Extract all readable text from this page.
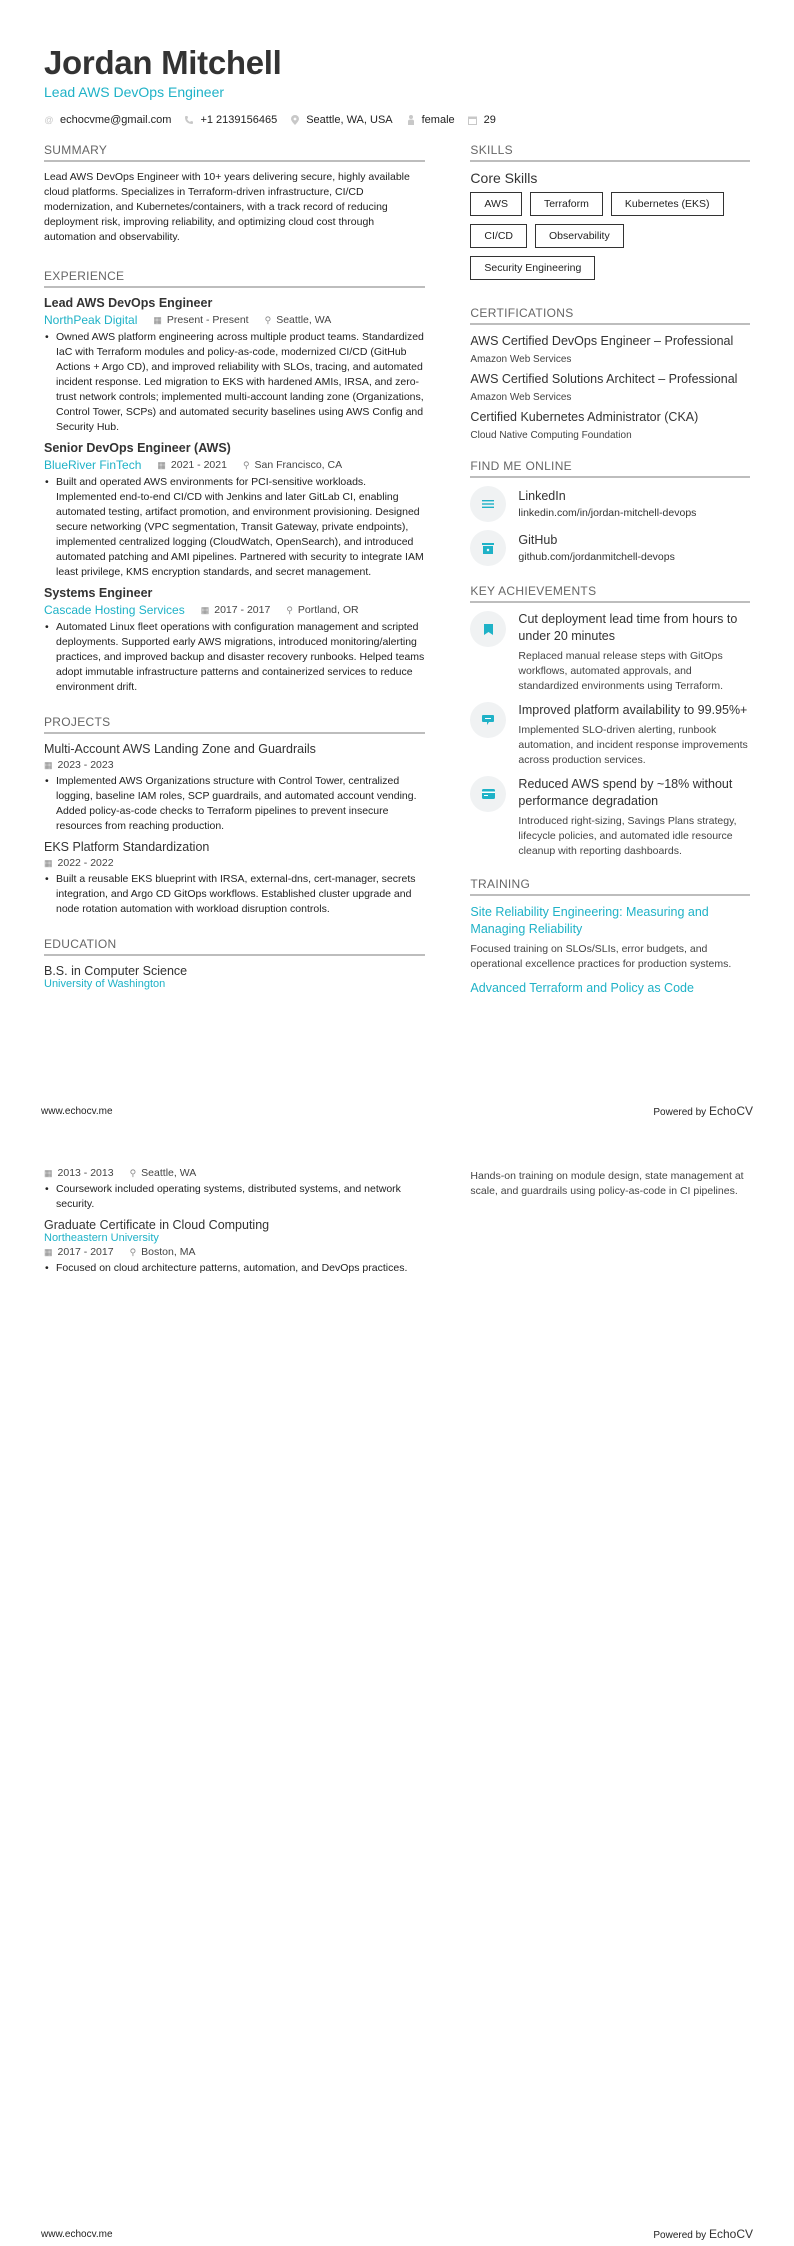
Jordan Mitchell
Lead AWS DevOps Engineer
@ echocvme@gmail.com	+1 2139156465	Seattle, WA, USA	female	29
SUMMARY
Lead AWS DevOps Engineer with 10+ years delivering secure, highly available cloud platforms. Specializes in Terraform-driven infrastructure, CI/CD modernization, and Kubernetes/containers, with a track record of reducing deployment risk, improving reliability, and optimizing cloud cost through automation and observability.
EXPERIENCE
Lead AWS DevOps Engineer
NorthPeak Digital ▦ Present - Present ⚲ Seattle, WA
• Owned AWS platform engineering across multiple product teams. Standardized IaC with Terraform modules and policy-as-code, modernized CI/CD (GitHub Actions + Argo CD), and improved reliability with SLOs, tracing, and automated incident response. Led migration to EKS with hardened AMIs, IRSA, and zero-trust network controls; implemented multi-account landing zone (Organizations, Control Tower, SCPs) and automated security baselines using AWS Config and Security Hub.
Senior DevOps Engineer (AWS)
BlueRiver FinTech ▦ 2021 - 2021 ⚲ San Francisco, CA
• Built and operated AWS environments for PCI-sensitive workloads. Implemented end-to-end CI/CD with Jenkins and later GitLab CI, enabling automated testing, artifact promotion, and environment provisioning. Designed secure networking (VPC segmentation, Transit Gateway, private endpoints), implemented centralized logging (CloudWatch, OpenSearch), and introduced automated patching and AMI pipelines. Partnered with security to integrate IAM least privilege, KMS encryption standards, and secret management.
Systems Engineer
Cascade Hosting Services ▦ 2017 - 2017 ⚲ Portland, OR
• Automated Linux fleet operations with configuration management and scripted deployments. Supported early AWS migrations, introduced monitoring/alerting practices, and improved backup and disaster recovery runbooks. Helped teams adopt immutable infrastructure patterns and containerized services to reduce environment drift.
PROJECTS
Multi-Account AWS Landing Zone and Guardrails
▦ 2023 - 2023
• Implemented AWS Organizations structure with Control Tower, centralized logging, baseline IAM roles, SCP guardrails, and automated account vending. Added policy-as-code checks to Terraform pipelines to prevent insecure resources from reaching production.
EKS Platform Standardization
▦ 2022 - 2022
• Built a reusable EKS blueprint with IRSA, external-dns, cert-manager, secrets integration, and Argo CD GitOps workflows. Established cluster upgrade and node rotation automation with workload disruption controls.
EDUCATION
B.S. in Computer Science
University of Washington
SKILLS
Core Skills
AWS	Terraform	Kubernetes (EKS)
CI/CD	Observability
Security Engineering
CERTIFICATIONS
AWS Certified DevOps Engineer – Professional
Amazon Web Services
AWS Certified Solutions Architect – Professional
Amazon Web Services
Certified Kubernetes Administrator (CKA)
Cloud Native Computing Foundation
FIND ME ONLINE
LinkedIn
linkedin.com/in/jordan-mitchell-devops
GitHub
github.com/jordanmitchell-devops
KEY ACHIEVEMENTS
Cut deployment lead time from hours to under 20 minutes
Replaced manual release steps with GitOps workflows, automated approvals, and standardized environments using Terraform.
Improved platform availability to 99.95%+
Implemented SLO-driven alerting, runbook automation, and incident response improvements across production services.
Reduced AWS spend by ~18% without performance degradation
Introduced right-sizing, Savings Plans strategy, lifecycle policies, and automated idle resource cleanup with reporting dashboards.
TRAINING
Site Reliability Engineering: Measuring and Managing Reliability
Focused training on SLOs/SLIs, error budgets, and operational excellence practices for production systems.
Advanced Terraform and Policy as Code
www.echocv.me	Powered by EchoCV
▦ 2013 - 2013 ⚲ Seattle, WA
• Coursework included operating systems, distributed systems, and network security.
Graduate Certificate in Cloud Computing
Northeastern University
▦ 2017 - 2017 ⚲ Boston, MA
• Focused on cloud architecture patterns, automation, and DevOps practices.
Hands-on training on module design, state management at scale, and guardrails using policy-as-code in CI pipelines.
www.echocv.me	Powered by EchoCV
